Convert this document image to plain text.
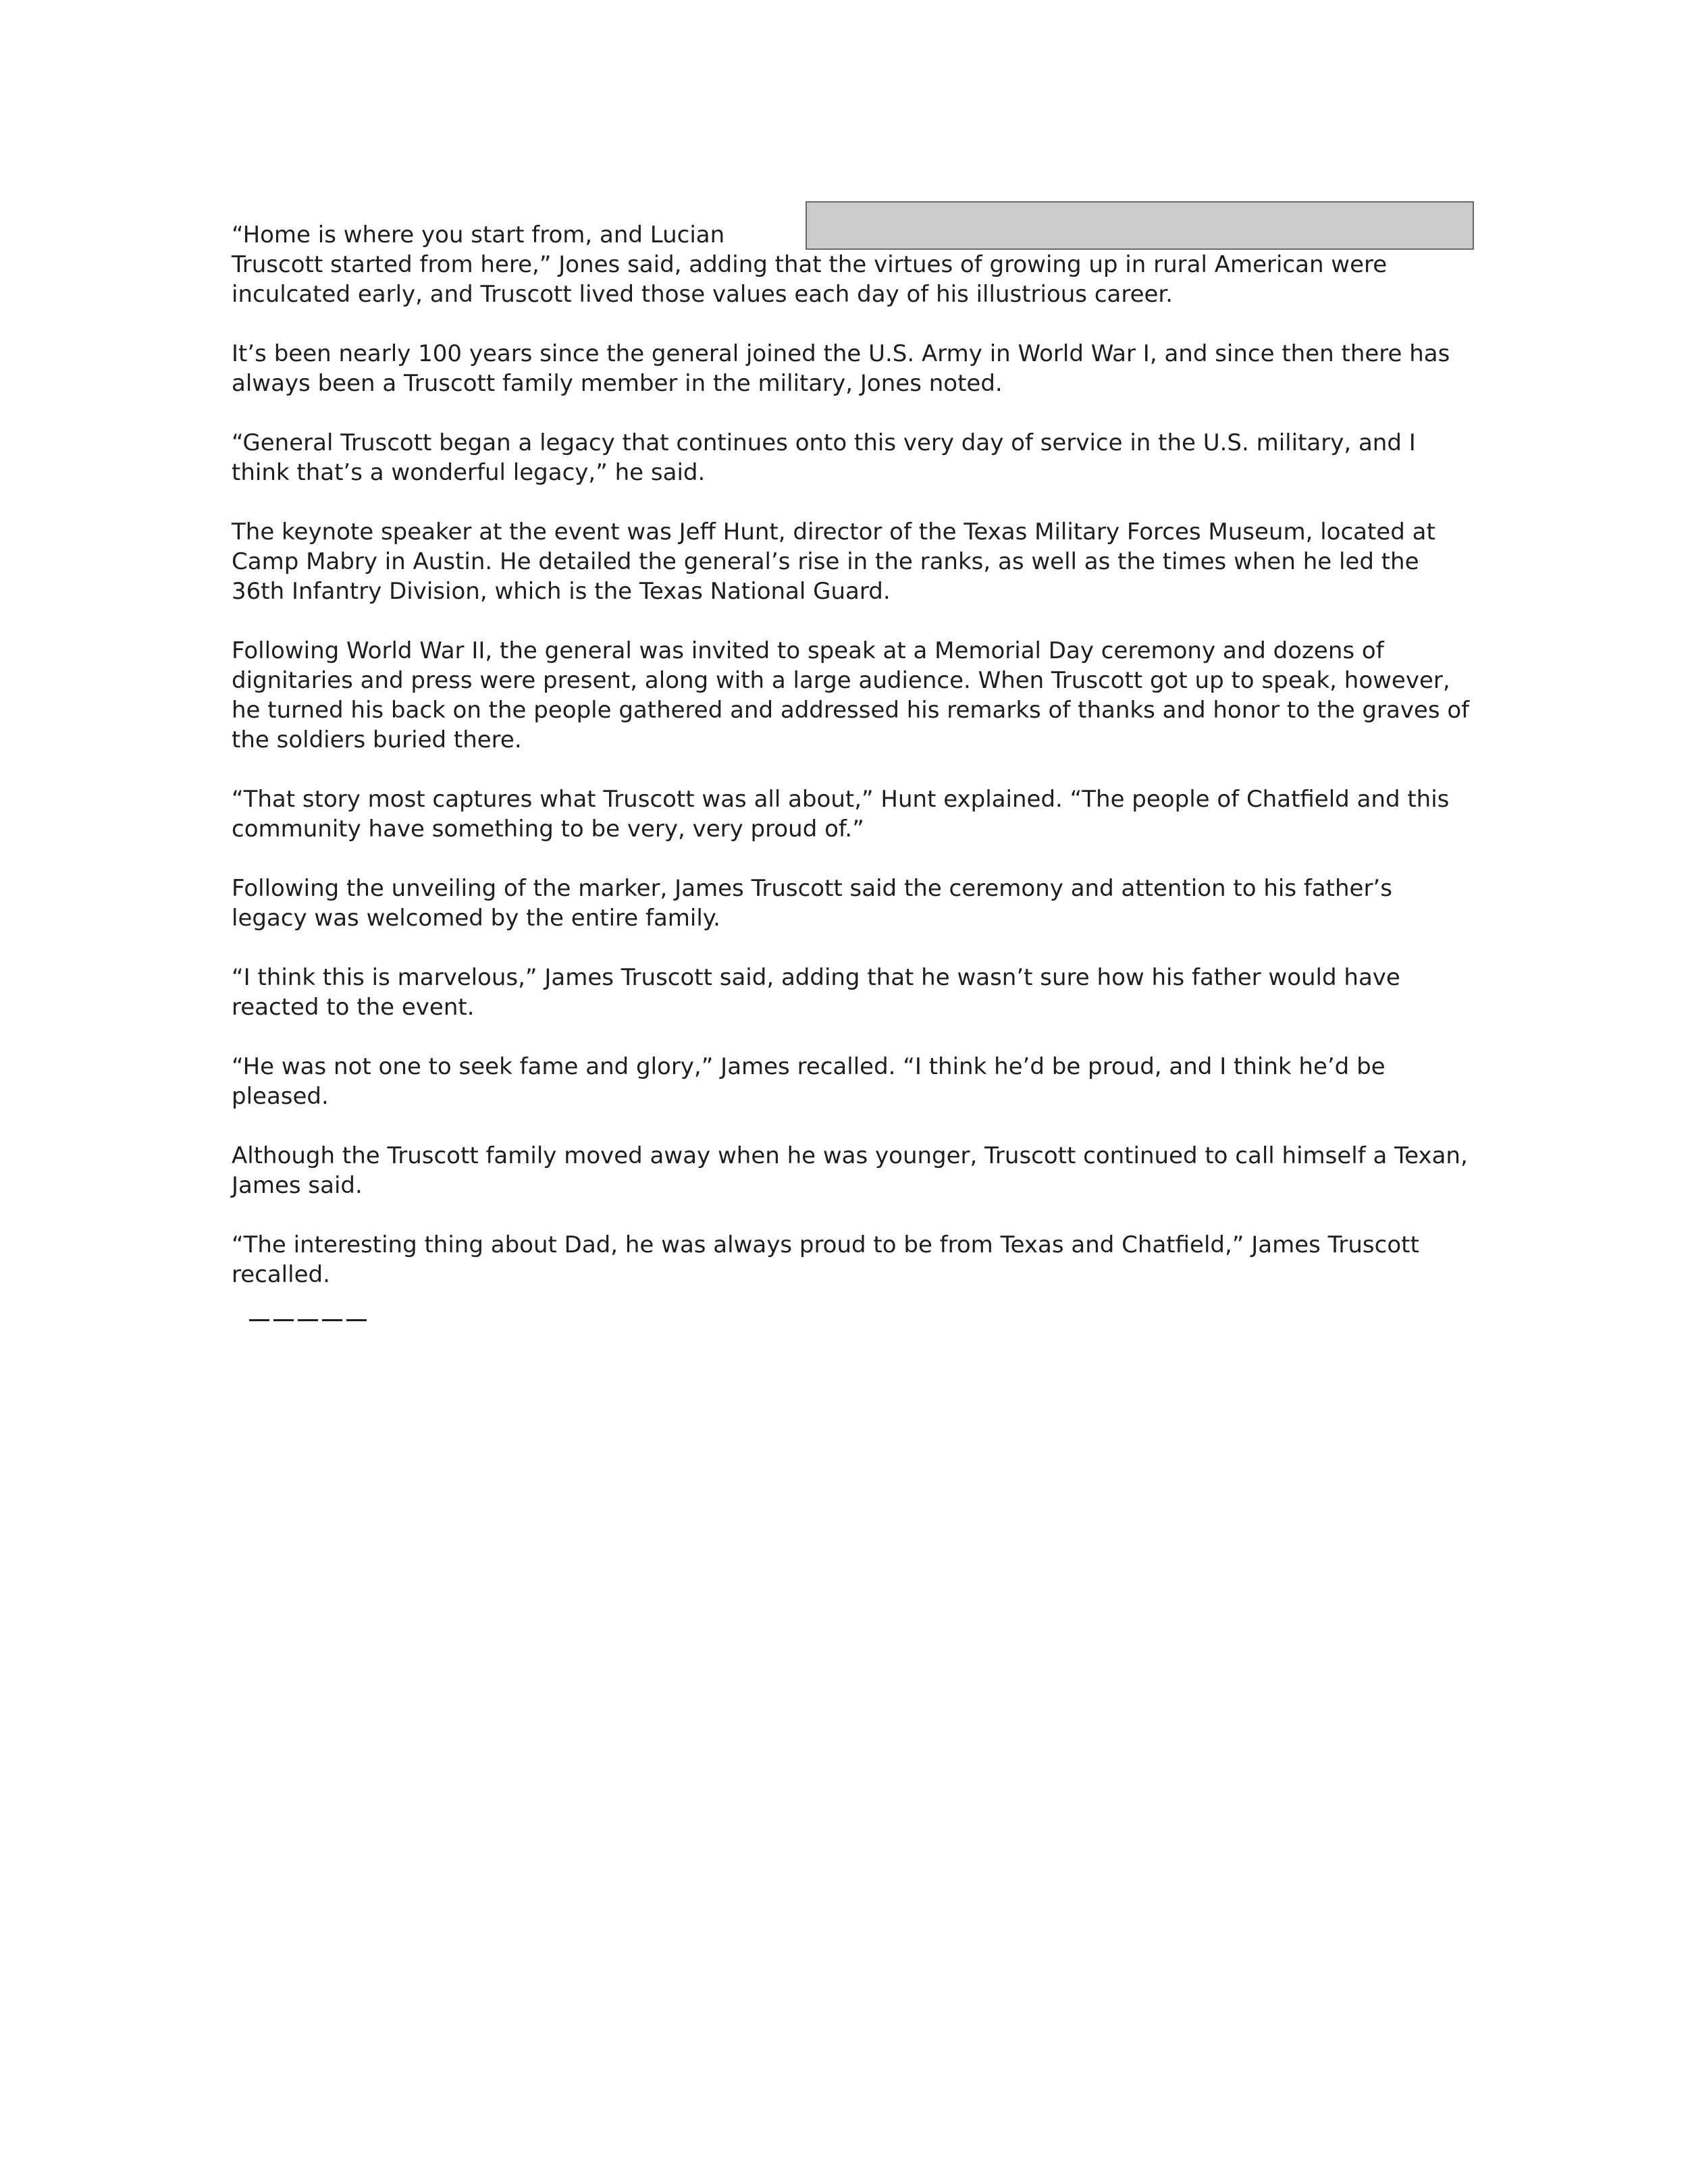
“Home is where you start from, and Lucian Truscott started from here,” Jones said, adding that the virtues of growing up in rural American were inculcated early, and Truscott lived those values each day of his illustrious career.

It’s been nearly 100 years since the general joined the U.S. Army in World War I, and since then there has always been a Truscott family member in the military, Jones noted.

“General Truscott began a legacy that continues onto this very day of service in the U.S. military, and I think that’s a wonderful legacy,” he said.

The keynote speaker at the event was Jeff Hunt, director of the Texas Military Forces Museum, located at Camp Mabry in Austin. He detailed the general’s rise in the ranks, as well as the times when he led the 36th Infantry Division, which is the Texas National Guard.

Following World War II, the general was invited to speak at a Memorial Day ceremony and dozens of dignitaries and press were present, along with a large audience. When Truscott got up to speak, however, he turned his back on the people gathered and addressed his remarks of thanks and honor to the graves of the soldiers buried there.

“That story most captures what Truscott was all about,” Hunt explained. “The people of Chatfield and this community have something to be very, very proud of.”

Following the unveiling of the marker, James Truscott said the ceremony and attention to his father’s legacy was welcomed by the entire family.

“I think this is marvelous,” James Truscott said, adding that he wasn’t sure how his father would have reacted to the event.

“He was not one to seek fame and glory,” James recalled. “I think he’d be proud, and I think he’d be pleased.

Although the Truscott family moved away when he was younger, Truscott continued to call himself a Texan, James said.

“The interesting thing about Dad, he was always proud to be from Texas and Chatfield,” James Truscott recalled.
